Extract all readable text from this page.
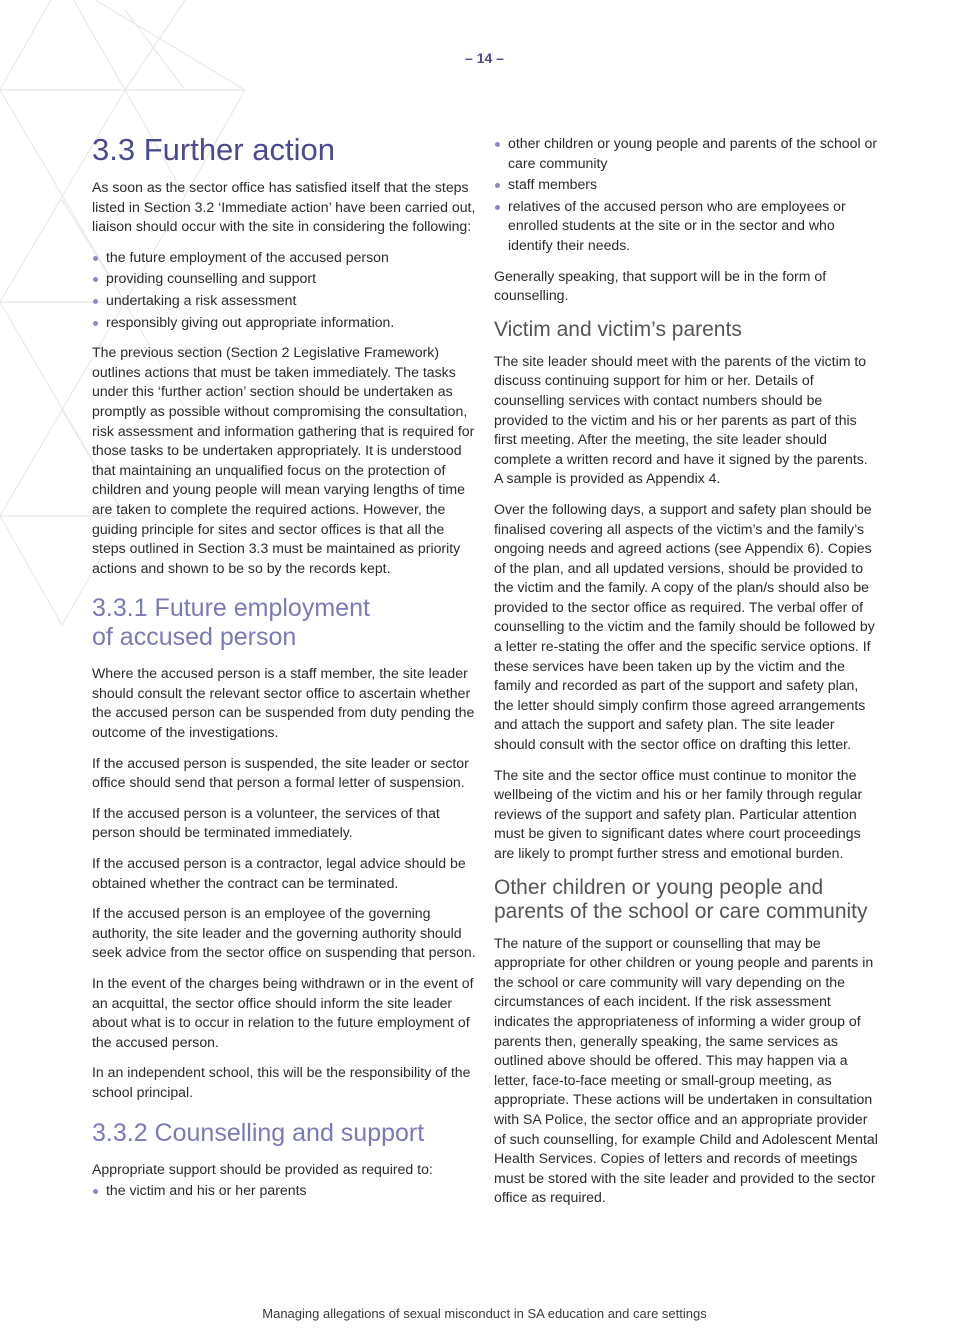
– 14 –
3.3 Further action

As soon as the sector office has satisfied itself that the steps listed in Section 3.2 ‘Immediate action’ have been carried out, liaison should occur with the site in considering the following:

the future employment of the accused person
providing counselling and support
undertaking a risk assessment
responsibly giving out appropriate information.

The previous section (Section 2 Legislative Framework) outlines actions that must be taken immediately. The tasks under this ‘further action’ section should be undertaken as promptly as possible without compromising the consultation, risk assessment and information gathering that is required for those tasks to be undertaken appropriately. It is understood that maintaining an unqualified focus on the protection of children and young people will mean varying lengths of time are taken to complete the required actions. However, the guiding principle for sites and sector offices is that all the steps outlined in Section 3.3 must be maintained as priority actions and shown to be so by the records kept.

3.3.1 Future employment
of accused person

Where the accused person is a staff member, the site leader should consult the relevant sector office to ascertain whether the accused person can be suspended from duty pending the outcome of the investigations.

If the accused person is suspended, the site leader or sector office should send that person a formal letter of suspension.

If the accused person is a volunteer, the services of that person should be terminated immediately.

If the accused person is a contractor, legal advice should be obtained whether the contract can be terminated.

If the accused person is an employee of the governing authority, the site leader and the governing authority should seek advice from the sector office on suspending that person.

In the event of the charges being withdrawn or in the event of an acquittal, the sector office should inform the site leader about what is to occur in relation to the future employment of the accused person.

In an independent school, this will be the responsibility of the school principal.

3.3.2 Counselling and support

Appropriate support should be provided as required to:

the victim and his or her parents
other children or young people and parents of the school or care community
staff members
relatives of the accused person who are employees or enrolled students at the site or in the sector and who identify their needs.

Generally speaking, that support will be in the form of counselling.

Victim and victim’s parents

The site leader should meet with the parents of the victim to discuss continuing support for him or her. Details of counselling services with contact numbers should be provided to the victim and his or her parents as part of this first meeting. After the meeting, the site leader should complete a written record and have it signed by the parents. A sample is provided as Appendix 4.

Over the following days, a support and safety plan should be finalised covering all aspects of the victim’s and the family’s ongoing needs and agreed actions (see Appendix 6). Copies of the plan, and all updated versions, should be provided to the victim and the family. A copy of the plan/s should also be provided to the sector office as required. The verbal offer of counselling to the victim and the family should be followed by a letter re-stating the offer and the specific service options. If these services have been taken up by the victim and the family and recorded as part of the support and safety plan, the letter should simply confirm those agreed arrangements and attach the support and safety plan. The site leader should consult with the sector office on drafting this letter.

The site and the sector office must continue to monitor the wellbeing of the victim and his or her family through regular reviews of the support and safety plan. Particular attention must be given to significant dates where court proceedings are likely to prompt further stress and emotional burden.

Other children or young people and parents of the school or care community

The nature of the support or counselling that may be appropriate for other children or young people and parents in the school or care community will vary depending on the circumstances of each incident. If the risk assessment indicates the appropriateness of informing a wider group of parents then, generally speaking, the same services as outlined above should be offered. This may happen via a letter, face-to-face meeting or small-group meeting, as appropriate. These actions will be undertaken in consultation with SA Police, the sector office and an appropriate provider of such counselling, for example Child and Adolescent Mental Health Services. Copies of letters and records of meetings must be stored with the site leader and provided to the sector office as required.

Managing allegations of sexual misconduct in SA education and care settings
